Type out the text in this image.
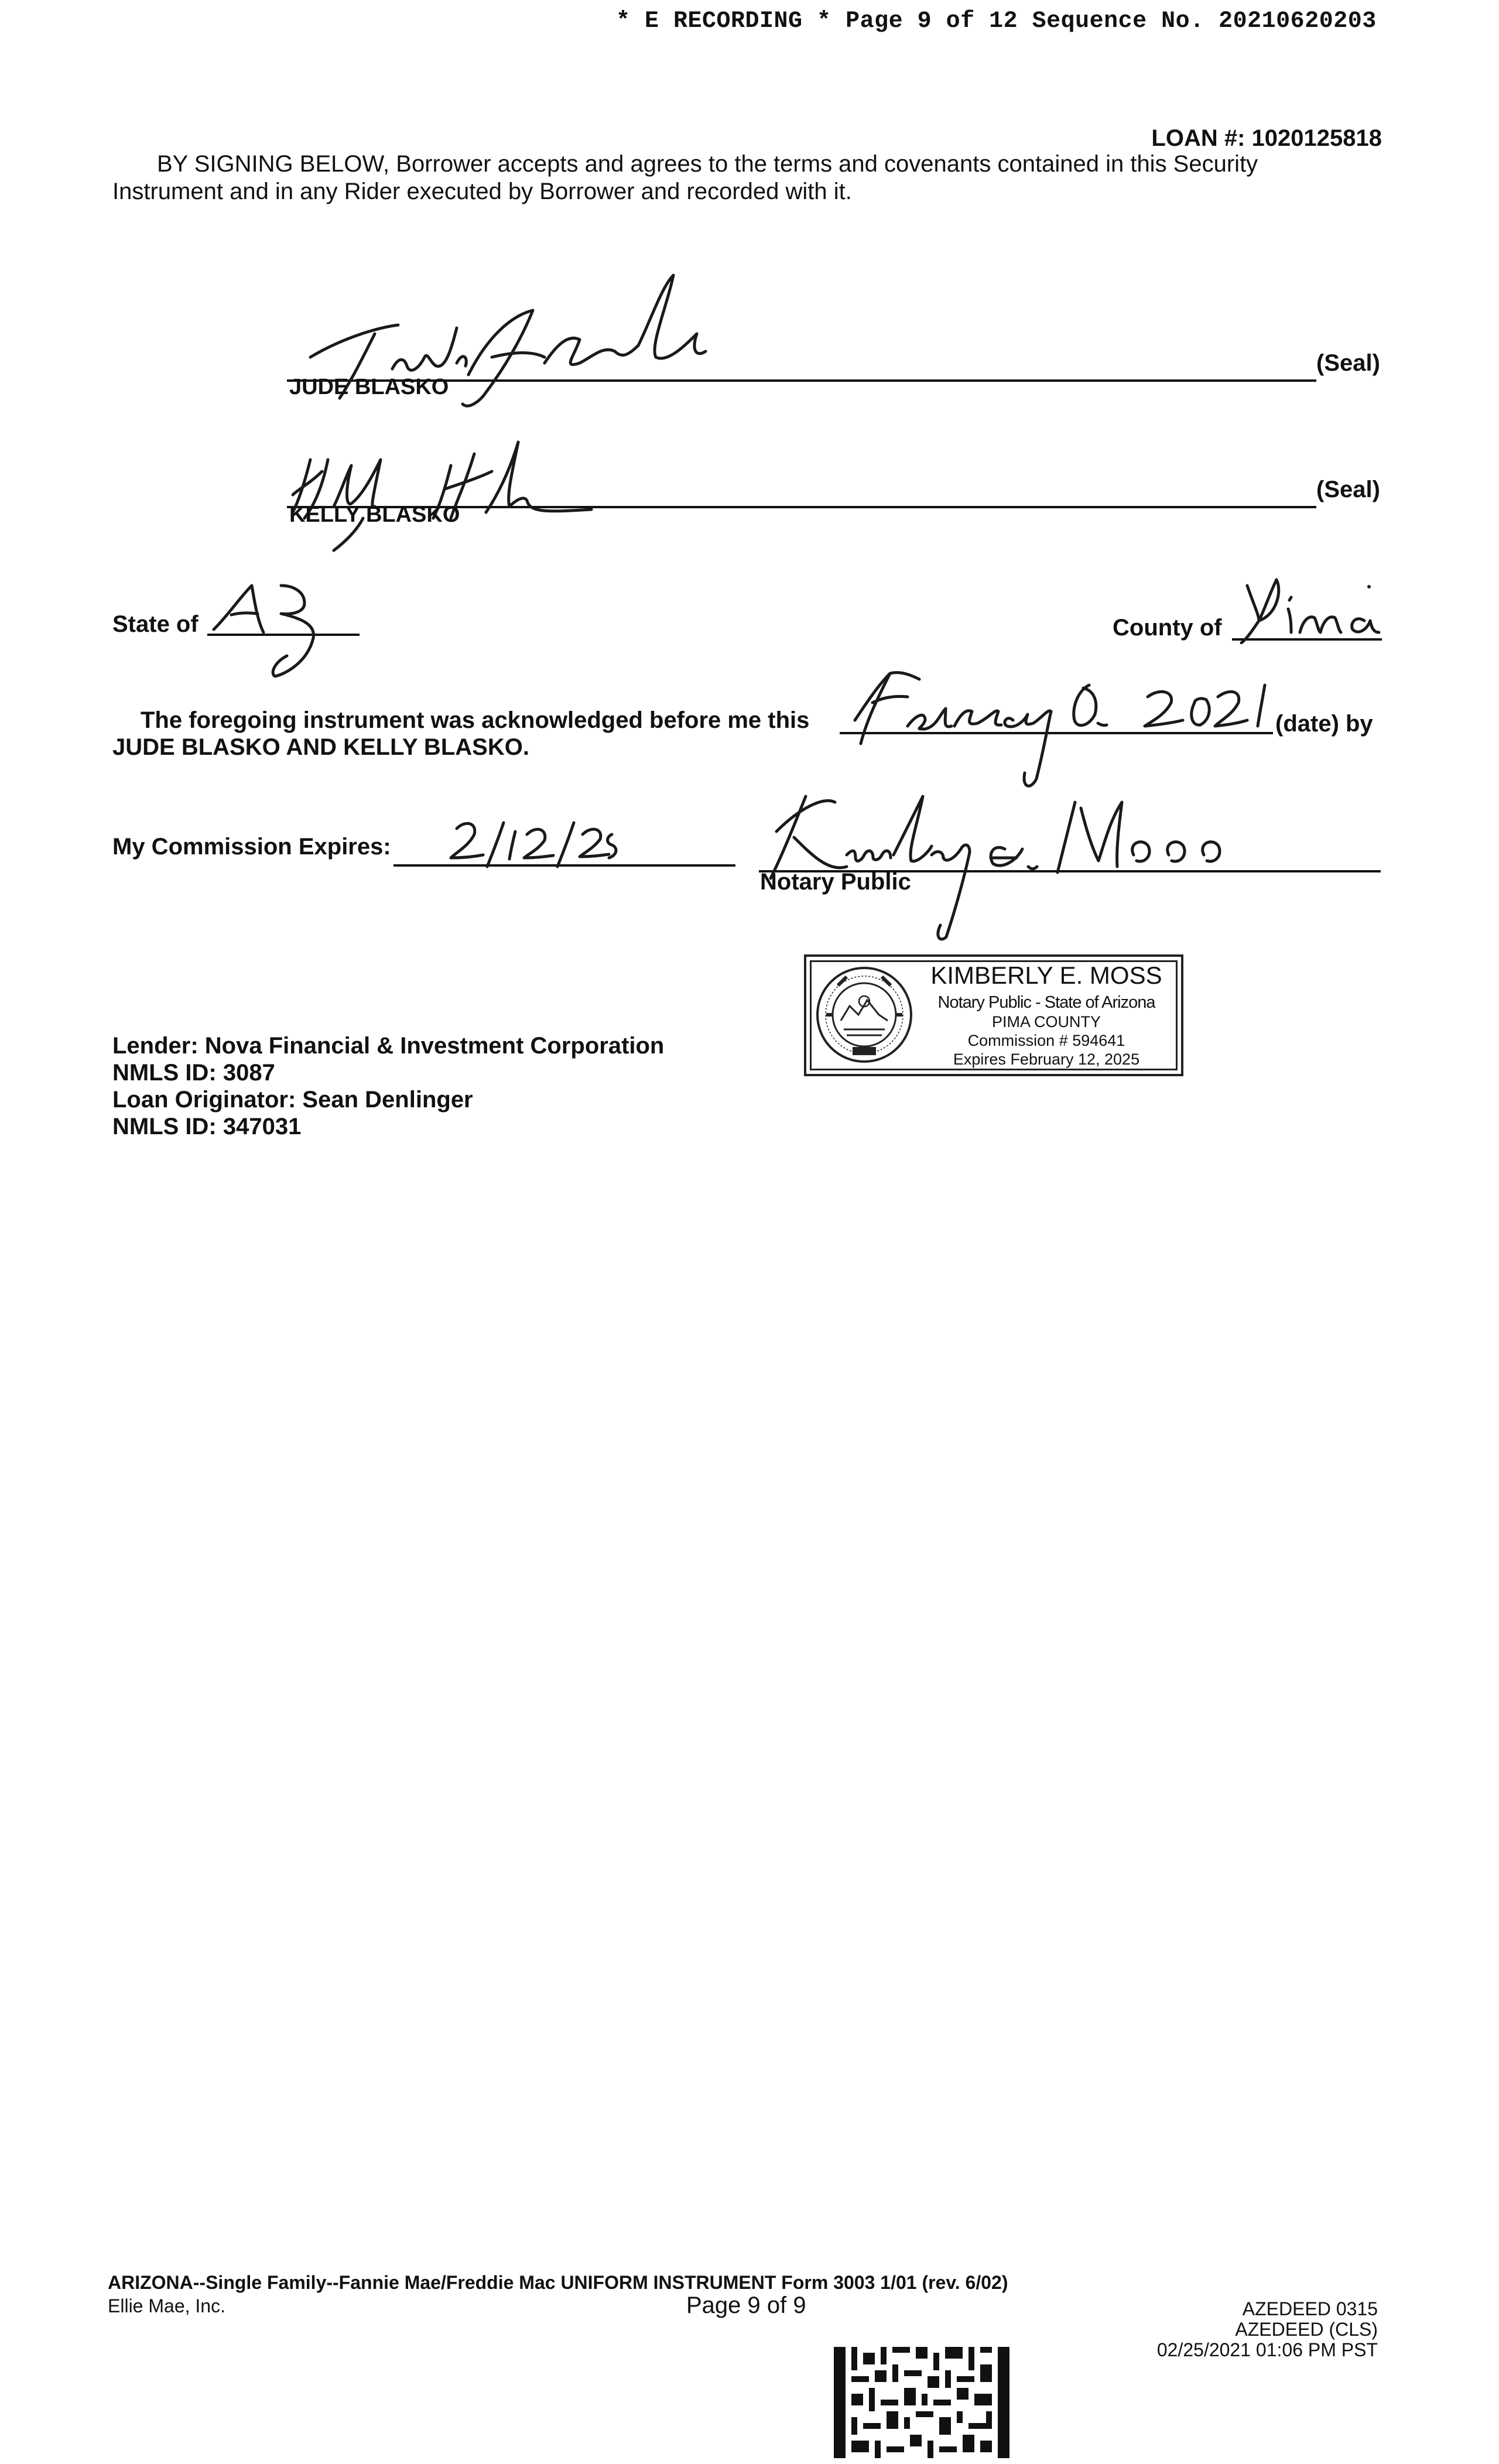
* E RECORDING * Page 9 of 12 Sequence No. 20210620203
LOAN #: 1020125818
BY SIGNING BELOW, Borrower accepts and agrees to the terms and covenants contained in this Security
Instrument and in any Rider executed by Borrower and recorded with it.
JUDE BLASKO
(Seal)
KELLY BLASKO
(Seal)
State of
AZ
County of
The foregoing instrument was acknowledged before me this	(date) by
JUDE BLASKO AND KELLY BLASKO.
My Commission Expires:
Notary Public
KIMBERLY E. MOSS
Notary Public - State of Arizona
PIMA COUNTY
Commission # 594641
Expires February 12, 2025
Lender: Nova Financial & Investment Corporation
NMLS ID: 3087
Loan Originator: Sean Denlinger
NMLS ID: 347031
ARIZONA--Single Family--Fannie Mae/Freddie Mac UNIFORM INSTRUMENT Form 3003 1/01 (rev. 6/02)
Ellie Mae, Inc.	Page 9 of 9	AZEDEED 0315
AZEDEED (CLS)
02/25/2021 01:06 PM PST
